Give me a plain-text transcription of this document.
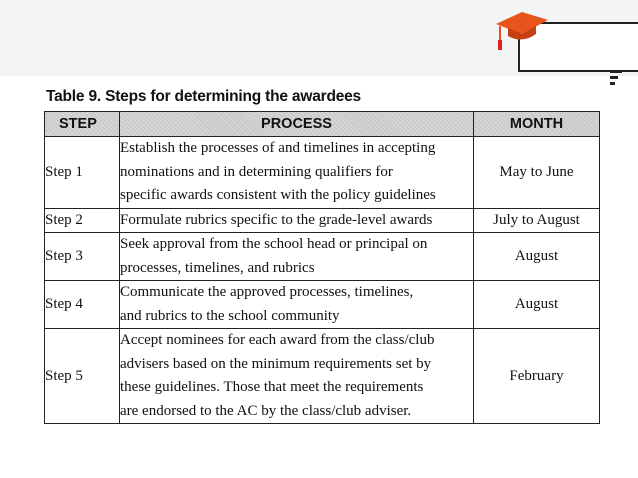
Table 9. Steps for determining the awardees
STEP	PROCESS	MONTH
Step 1	Establish the processes of and timelines in accepting
nominations and in determining qualifiers for
specific awards consistent with the policy guidelines	May to June
Step 2	Formulate rubrics specific to the grade-level awards	July to August
Step 3	Seek approval from the school head or principal on
processes, timelines, and rubrics	August
Step 4	Communicate the approved processes, timelines,
and rubrics to the school community	August
Step 5	Accept nominees for each award from the class/club
advisers based on the minimum requirements set by
these guidelines. Those that meet the requirements
are endorsed to the AC by the class/club adviser.	February
